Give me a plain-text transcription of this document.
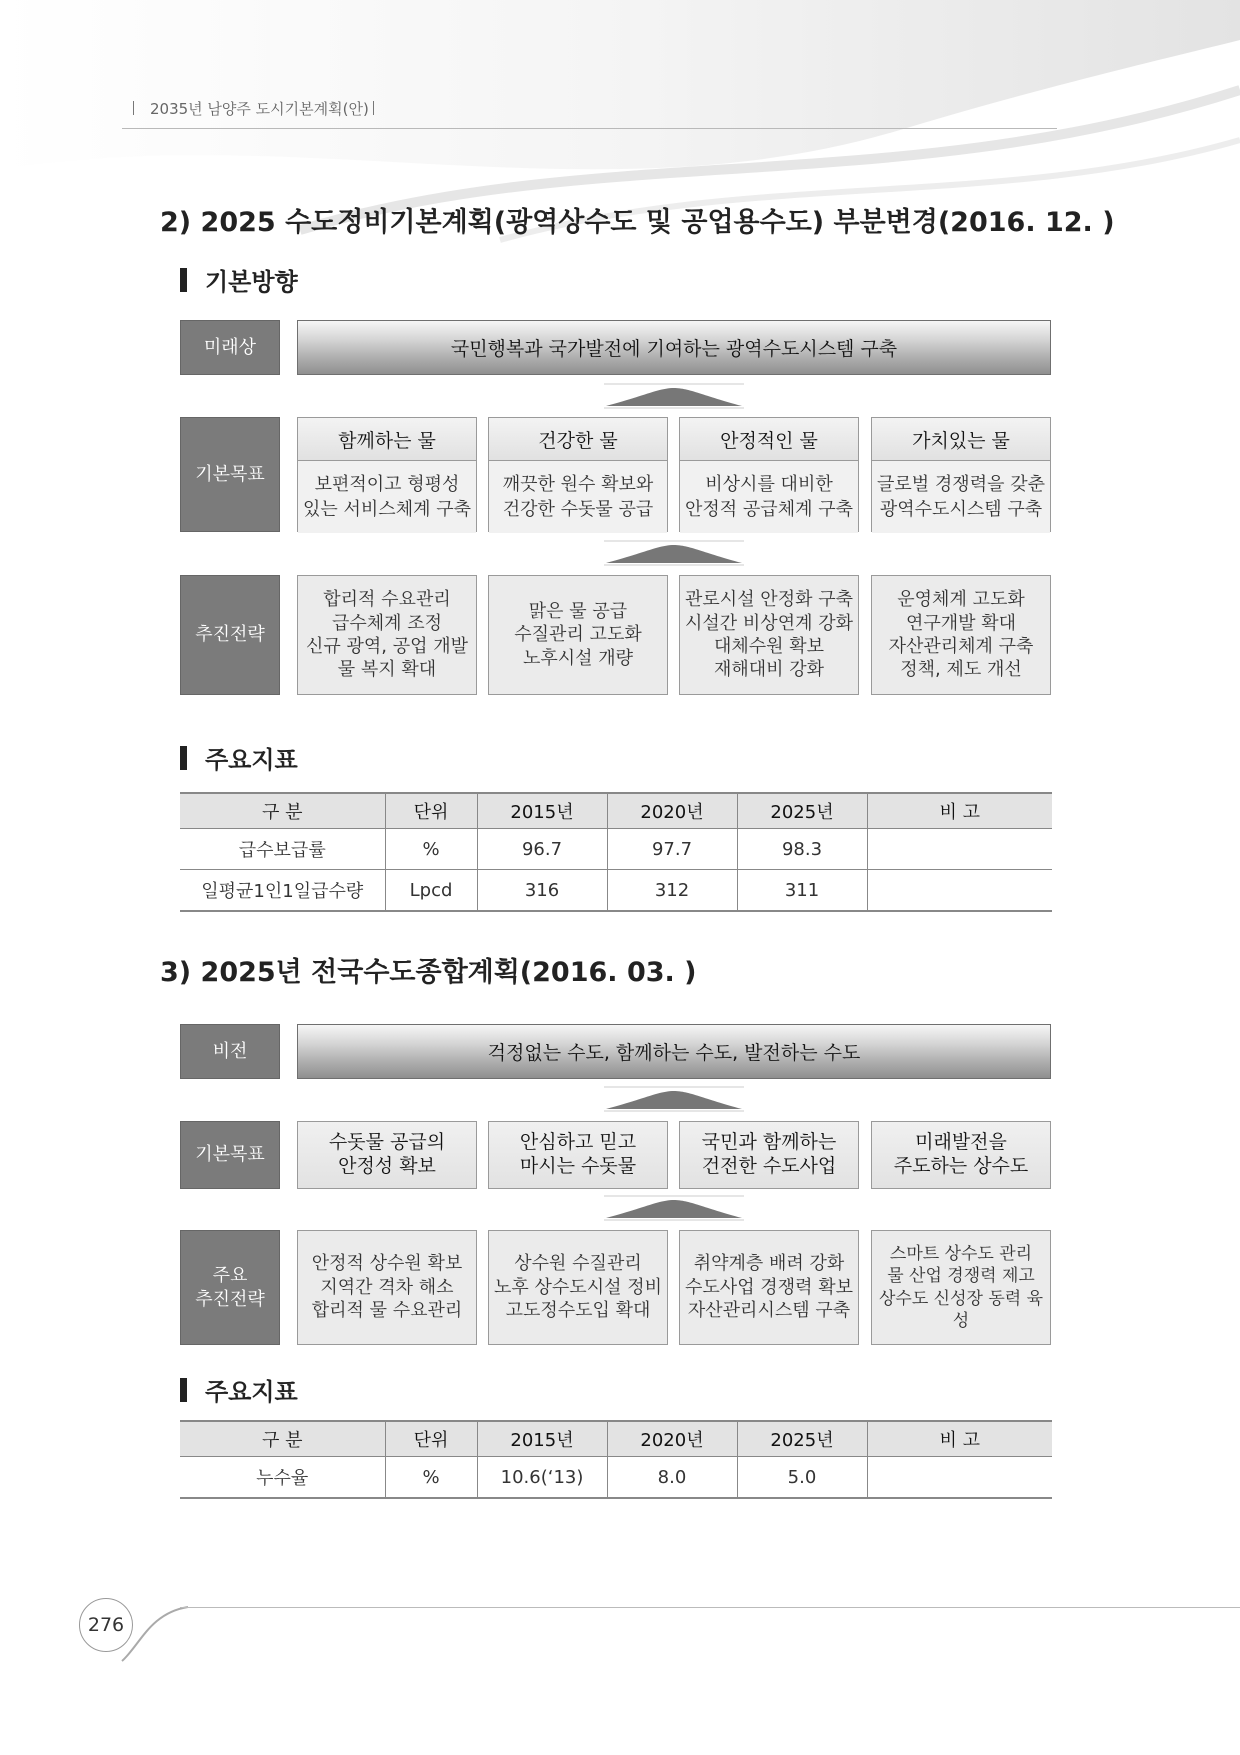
2035년 남양주 도시기본계획(안)
2) 2025 수도정비기본계획(광역상수도 및 공업용수도) 부분변경(2016. 12. )
기본방향
미래상	국민행복과 국가발전에 기여하는 광역수도시스템 구축
기본목표
함께하는 물
보편적이고 형평성
있는 서비스체계 구축
건강한 물
깨끗한 원수 확보와
건강한 수돗물 공급
안정적인 물
비상시를 대비한
안정적 공급체계 구축
가치있는 물
글로벌 경쟁력을 갖춘
광역수도시스템 구축
추진전략
합리적 수요관리
급수체계 조정
신규 광역, 공업 개발
물 복지 확대
맑은 물 공급
수질관리 고도화
노후시설 개량
관로시설 안정화 구축
시설간 비상연계 강화
대체수원 확보
재해대비 강화
운영체계 고도화
연구개발 확대
자산관리체계 구축
정책, 제도 개선
주요지표
구 분	단위	2015년	2020년	2025년	비 고
급수보급률	%	96.7	97.7	98.3	
일평균1인1일급수량	Lpcd	316	312	311	
3) 2025년 전국수도종합계획(2016. 03. )
비전	걱정없는 수도, 함께하는 수도, 발전하는 수도
기본목표
수돗물 공급의
안정성 확보
안심하고 믿고
마시는 수돗물
국민과 함께하는
건전한 수도사업
미래발전을
주도하는 상수도
주요
추진전략
안정적 상수원 확보
지역간 격차 해소
합리적 물 수요관리
상수원 수질관리
노후 상수도시설 정비
고도정수도입 확대
취약계층 배려 강화
수도사업 경쟁력 확보
자산관리시스템 구축
스마트 상수도 관리
물 산업 경쟁력 제고
상수도 신성장 동력 육성
주요지표
구 분	단위	2015년	2020년	2025년	비 고
누수율	%	10.6(‘13)	8.0	5.0	
276
